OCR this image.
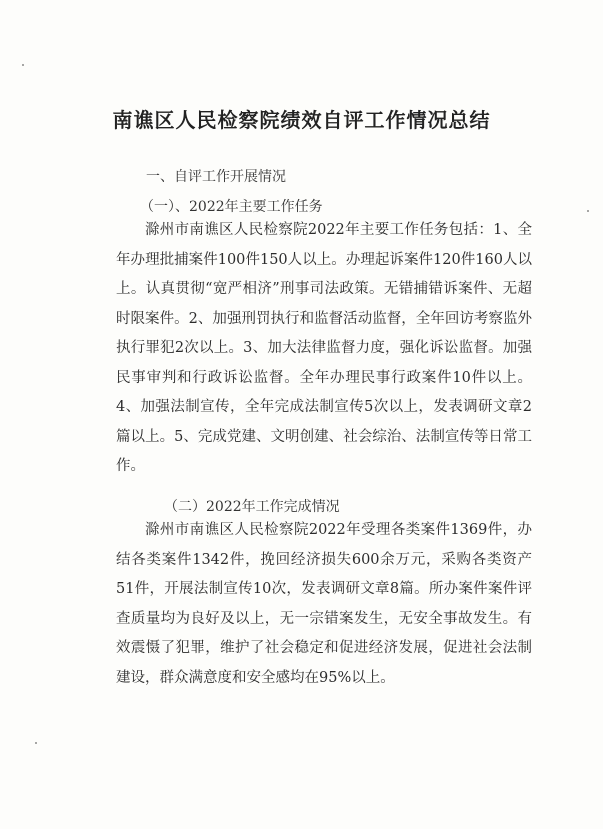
南谯区人民检察院绩效自评工作情况总结
一、自评工作开展情况
（一）、2022年主要工作任务

滁州市南谯区人民检察院2022年主要工作任务包括：1、全年办理批捕案件100件150人以上。办理起诉案件120件160人以上。认真贯彻“宽严相济”刑事司法政策。无错捕错诉案件、无超时限案件。2、加强刑罚执行和监督活动监督，全年回访考察监外执行罪犯2次以上。3、加大法律监督力度，强化诉讼监督。加强民事审判和行政诉讼监督。全年办理民事行政案件10件以上。4、加强法制宣传，全年完成法制宣传5次以上，发表调研文章2篇以上。5、完成党建、文明创建、社会综治、法制宣传等日常工作。

（二）2022年工作完成情况

滁州市南谯区人民检察院2022年受理各类案件1369件，办结各类案件1342件，挽回经济损失600余万元，采购各类资产51件，开展法制宣传10次，发表调研文章8篇。所办案件案件评查质量均为良好及以上，无一宗错案发生，无安全事故发生。有效震慑了犯罪，维护了社会稳定和促进经济发展，促进社会法制建设，群众满意度和安全感均在95%以上。
